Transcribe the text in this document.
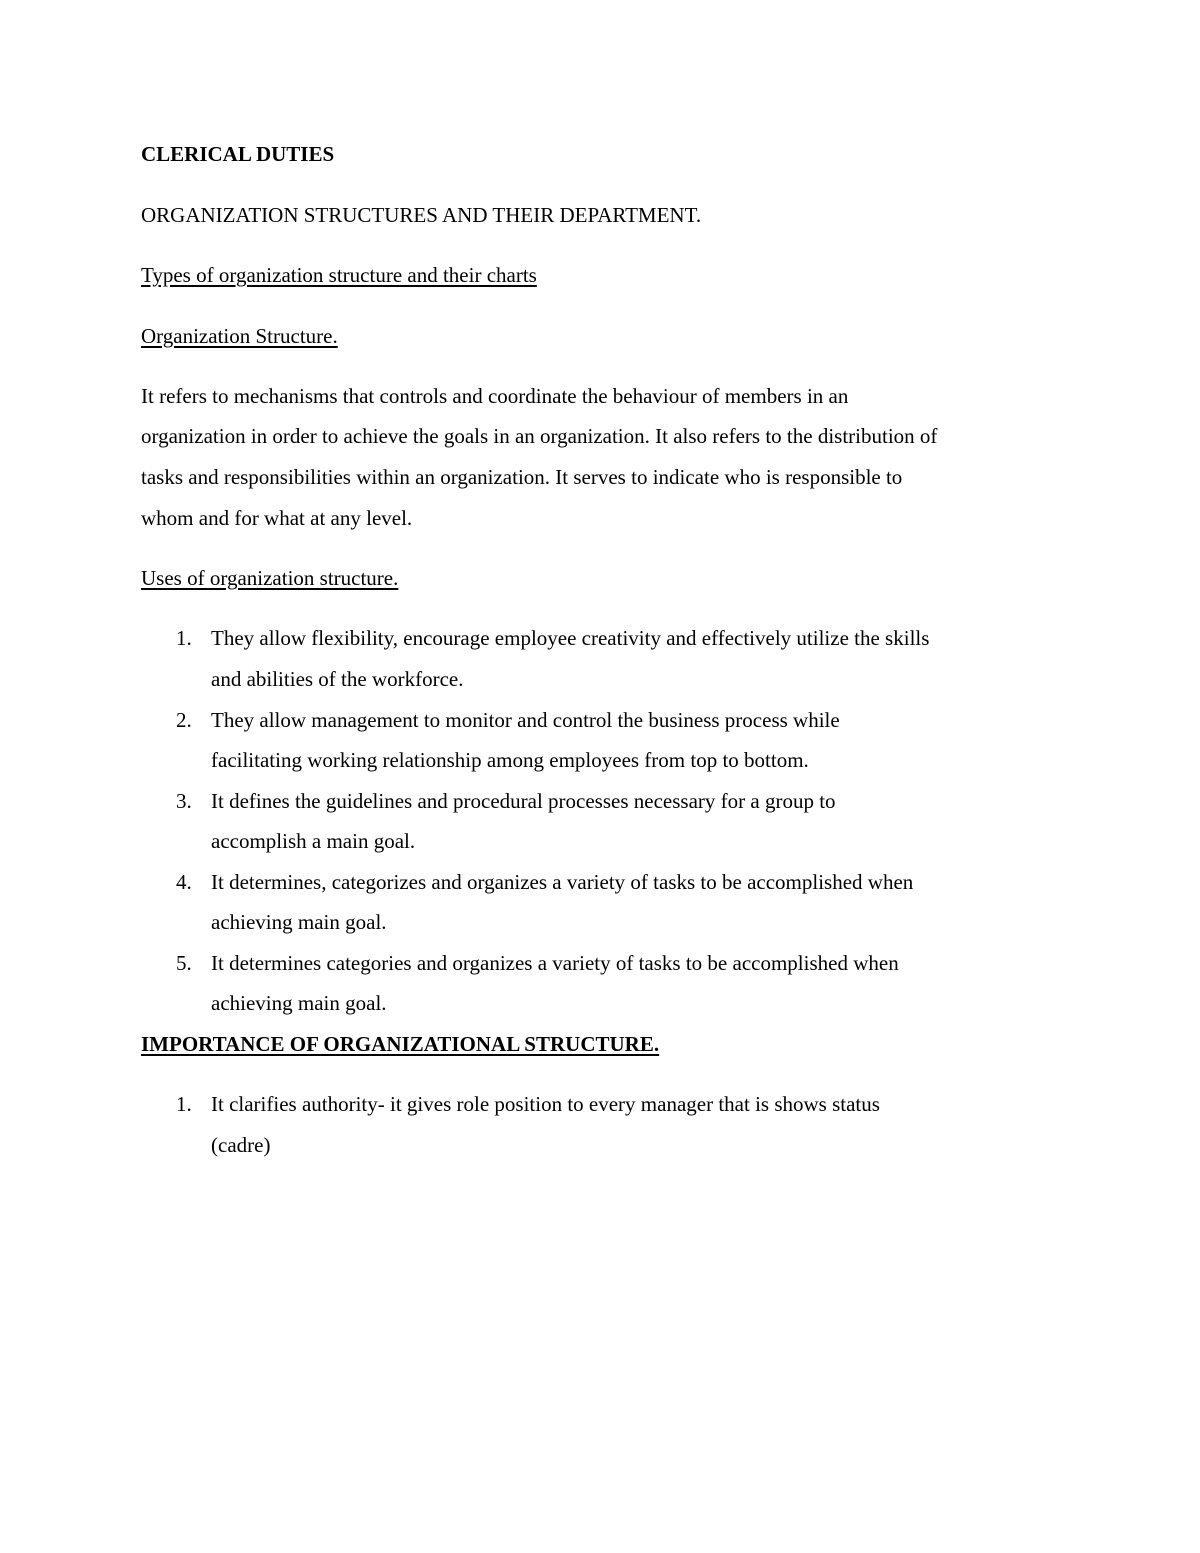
CLERICAL DUTIES
ORGANIZATION STRUCTURES AND THEIR DEPARTMENT.
Types of organization structure and their charts
Organization Structure.
It refers to mechanisms that controls and coordinate the behaviour of members in an
organization in order to achieve the goals in an organization. It also refers to the distribution of
tasks and responsibilities within an organization. It serves to indicate who is responsible to
whom and for what at any level.
Uses of organization structure.
1. They allow flexibility, encourage employee creativity and effectively utilize the skills
and abilities of the workforce.
2. They allow management to monitor and control the business process while
facilitating working relationship among employees from top to bottom.
3. It defines the guidelines and procedural processes necessary for a group to
accomplish a main goal.
4. It determines, categorizes and organizes a variety of tasks to be accomplished when
achieving main goal.
5. It determines categories and organizes a variety of tasks to be accomplished when
achieving main goal.
IMPORTANCE OF ORGANIZATIONAL STRUCTURE.
1. It clarifies authority- it gives role position to every manager that is shows status
(cadre)
